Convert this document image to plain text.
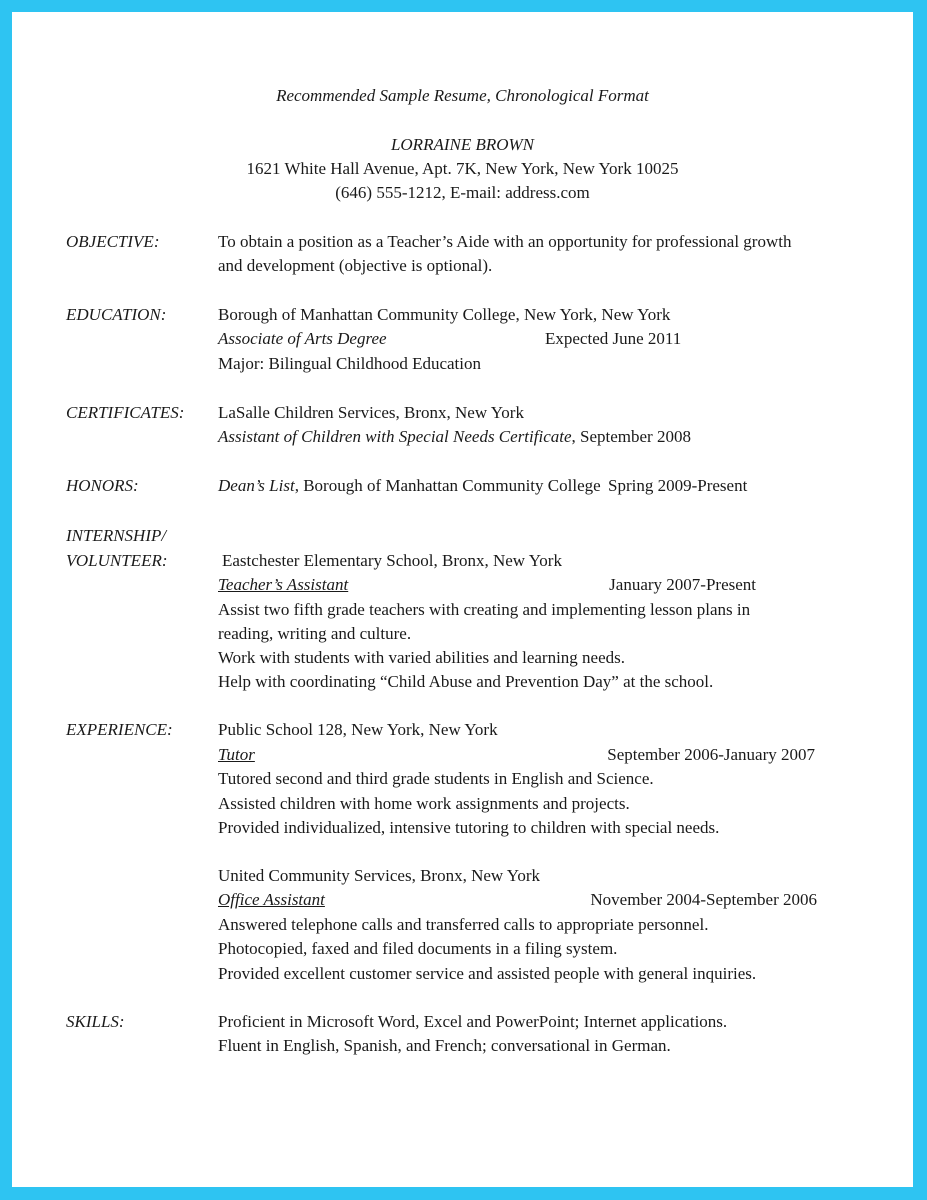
Recommended Sample Resume, Chronological Format
LORRAINE BROWN
1621 White Hall Avenue, Apt. 7K, New York, New York 10025
(646) 555-1212, E-mail: address.com
OBJECTIVE:	To obtain a position as a Teacher’s Aide with an opportunity for professional growth
and development (objective is optional).
EDUCATION:	Borough of Manhattan Community College, New York, New York
Associate of Arts Degree	Expected June 2011
Major: Bilingual Childhood Education
CERTIFICATES: LaSalle Children Services, Bronx, New York
Assistant of Children with Special Needs Certificate, September 2008
HONORS:	Dean’s List, Borough of Manhattan Community College Spring 2009-Present
INTERNSHIP/
VOLUNTEER:	Eastchester Elementary School, Bronx, New York
Teacher’s Assistant	January 2007-Present
Assist two fifth grade teachers with creating and implementing lesson plans in
reading, writing and culture.
Work with students with varied abilities and learning needs.
Help with coordinating “Child Abuse and Prevention Day” at the school.
EXPERIENCE:	Public School 128, New York, New York
Tutor	September 2006-January 2007
Tutored second and third grade students in English and Science.
Assisted children with home work assignments and projects.
Provided individualized, intensive tutoring to children with special needs.
United Community Services, Bronx, New York
Office Assistant	November 2004-September 2006
Answered telephone calls and transferred calls to appropriate personnel.
Photocopied, faxed and filed documents in a filing system.
Provided excellent customer service and assisted people with general inquiries.
SKILLS:	Proficient in Microsoft Word, Excel and PowerPoint; Internet applications.
Fluent in English, Spanish, and French; conversational in German.
